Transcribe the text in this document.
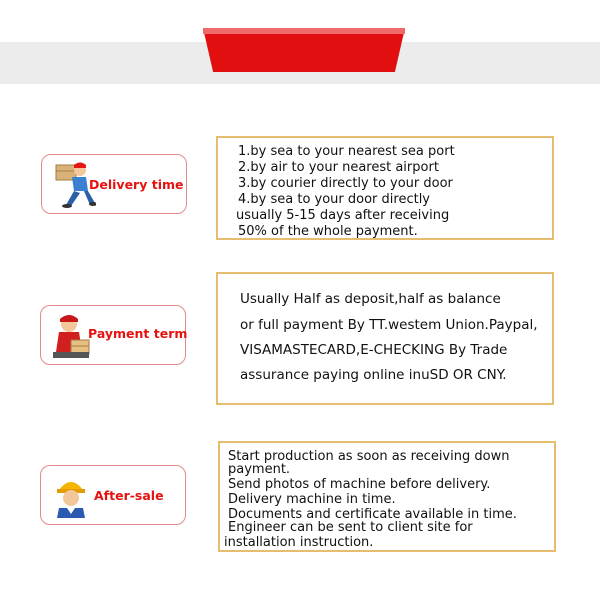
Delivery time
1.by sea to your nearest sea port
2.by air to your nearest airport
3.by courier directly to your door
4.by sea to your door directly
usually 5-15 days after receiving
50% of the whole payment.
Payment term
Usually Half as deposit,half as balance
or full payment By TT.westem Union.Paypal,
VISAMASTECARD,E-CHECKING By Trade
assurance paying online inuSD OR CNY.
After-sale
Start production as soon as receiving down
payment.
Send photos of machine before delivery.
Delivery machine in time.
Documents and certificate available in time.
Engineer can be sent to client site for
installation instruction.
